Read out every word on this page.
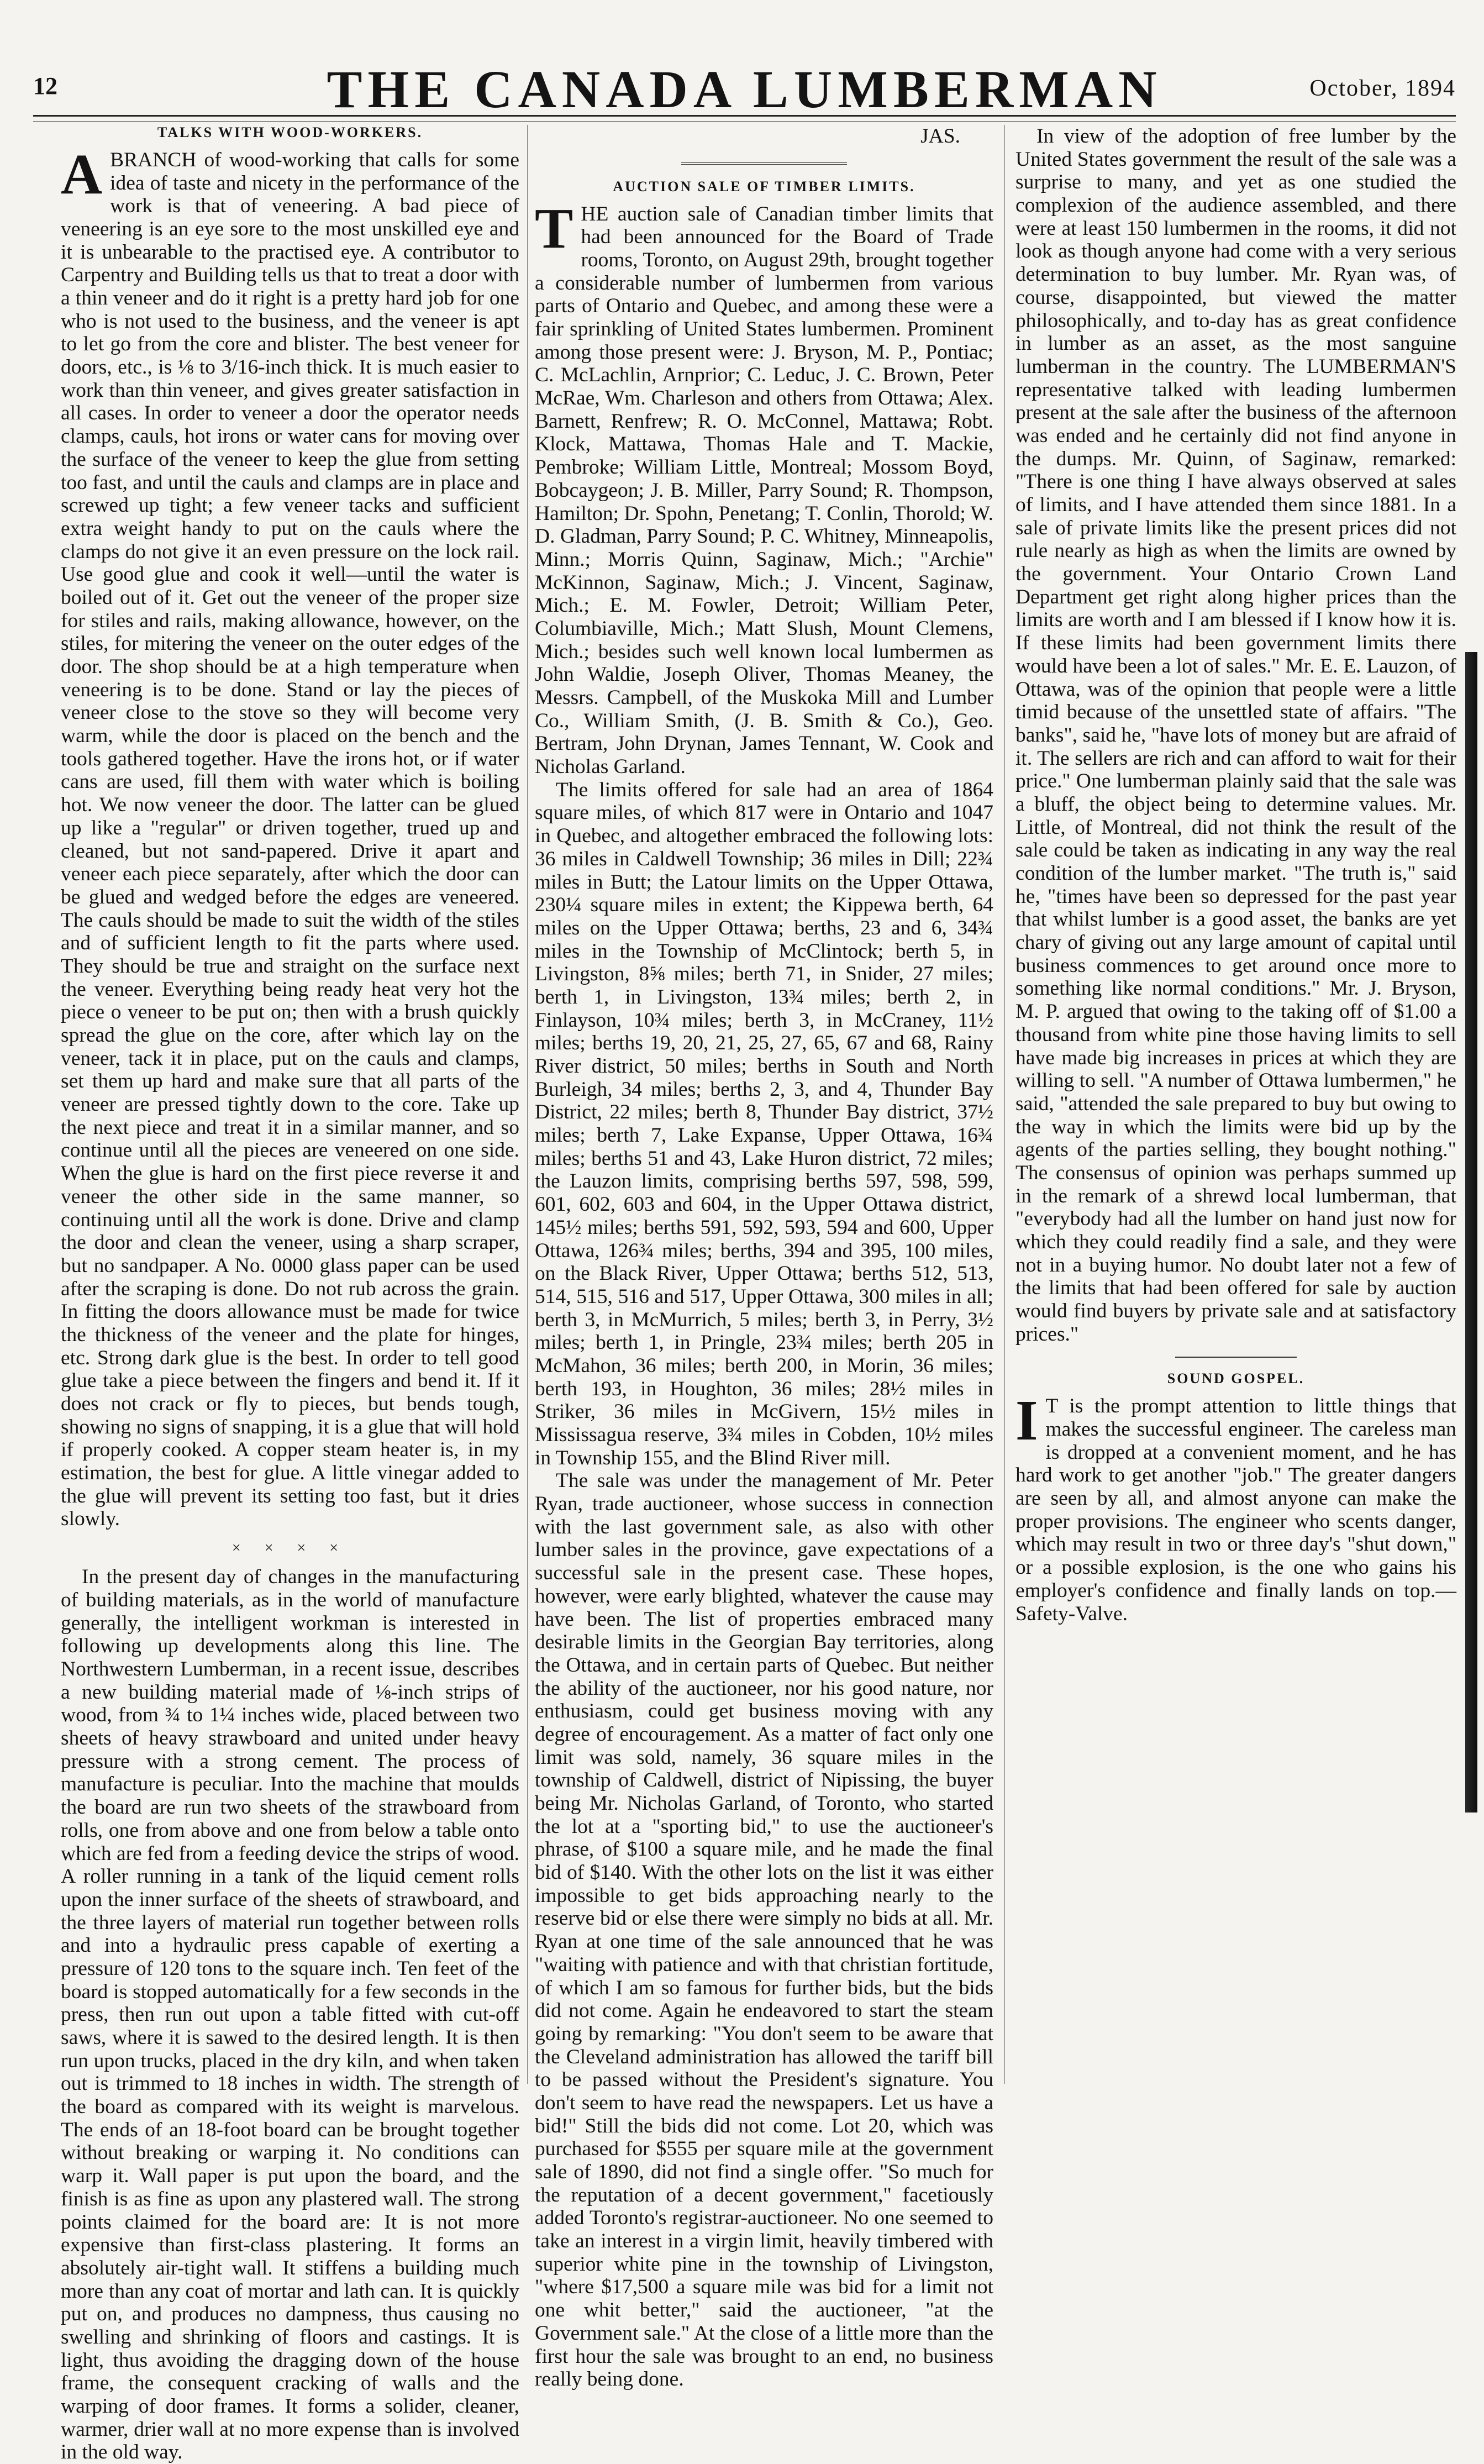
12	THE CANADA LUMBERMAN	October, 1894
TALKS WITH WOOD-WORKERS.

ABRANCH of wood-working that calls for some idea of taste and nicety in the performance of the work is that of veneering. A bad piece of veneering is an eye sore to the most unskilled eye and it is unbearable to the practised eye. A contributor to Carpentry and Building tells us that to treat a door with a thin veneer and do it right is a pretty hard job for one who is not used to the business, and the veneer is apt to let go from the core and blister. The best veneer for doors, etc., is ⅛ to 3/16-inch thick. It is much easier to work than thin veneer, and gives greater satisfaction in all cases. In order to veneer a door the operator needs clamps, cauls, hot irons or water cans for moving over the surface of the veneer to keep the glue from setting too fast, and until the cauls and clamps are in place and screwed up tight; a few veneer tacks and sufficient extra weight handy to put on the cauls where the clamps do not give it an even pressure on the lock rail. Use good glue and cook it well—until the water is boiled out of it. Get out the veneer of the proper size for stiles and rails, making allowance, however, on the stiles, for mitering the veneer on the outer edges of the door. The shop should be at a high temperature when veneering is to be done. Stand or lay the pieces of veneer close to the stove so they will become very warm, while the door is placed on the bench and the tools gathered together. Have the irons hot, or if water cans are used, fill them with water which is boiling hot. We now veneer the door. The latter can be glued up like a "regular" or driven together, trued up and cleaned, but not sand-papered. Drive it apart and veneer each piece separately, after which the door can be glued and wedged before the edges are veneered. The cauls should be made to suit the width of the stiles and of sufficient length to fit the parts where used. They should be true and straight on the surface next the veneer. Everything being ready heat very hot the piece o veneer to be put on; then with a brush quickly spread the glue on the core, after which lay on the veneer, tack it in place, put on the cauls and clamps, set them up hard and make sure that all parts of the veneer are pressed tightly down to the core. Take up the next piece and treat it in a similar manner, and so continue until all the pieces are veneered on one side. When the glue is hard on the first piece reverse it and veneer the other side in the same manner, so continuing until all the work is done. Drive and clamp the door and clean the veneer, using a sharp scraper, but no sandpaper. A No. 0000 glass paper can be used after the scraping is done. Do not rub across the grain. In fitting the doors allowance must be made for twice the thickness of the veneer and the plate for hinges, etc. Strong dark glue is the best. In order to tell good glue take a piece between the fingers and bend it. If it does not crack or fly to pieces, but bends tough, showing no signs of snapping, it is a glue that will hold if properly cooked. A copper steam heater is, in my estimation, the best for glue. A little vinegar added to the glue will prevent its setting too fast, but it dries slowly.

× × × ×

In the present day of changes in the manufacturing of building materials, as in the world of manufacture generally, the intelligent workman is interested in following up developments along this line. The Northwestern Lumberman, in a recent issue, describes a new building material made of ⅛-inch strips of wood, from ¾ to 1¼ inches wide, placed between two sheets of heavy strawboard and united under heavy pressure with a strong cement. The process of manufacture is peculiar. Into the machine that moulds the board are run two sheets of the strawboard from rolls, one from above and one from below a table onto which are fed from a feeding device the strips of wood. A roller running in a tank of the liquid cement rolls upon the inner surface of the sheets of strawboard, and the three layers of material run together between rolls and into a hydraulic press capable of exerting a pressure of 120 tons to the square inch. Ten feet of the board is stopped automatically for a few seconds in the press, then run out upon a table fitted with cut-off saws, where it is sawed to the desired length. It is then run upon trucks, placed in the dry kiln, and when taken out is trimmed to 18 inches in width. The strength of the board as compared with its weight is marvelous. The ends of an 18-foot board can be brought together without breaking or warping it. No conditions can warp it. Wall paper is put upon the board, and the finish is as fine as upon any plastered wall. The strong points claimed for the board are: It is not more expensive than first-class plastering. It forms an absolutely air-tight wall. It stiffens a building much more than any coat of mortar and lath can. It is quickly put on, and produces no dampness, thus causing no swelling and shrinking of floors and castings. It is light, thus avoiding the dragging down of the house frame, the consequent cracking of walls and the warping of door frames. It forms a solider, cleaner, warmer, drier wall at no more expense than is involved in the old way.

JAS.

AUCTION SALE OF TIMBER LIMITS.

THE auction sale of Canadian timber limits that had been announced for the Board of Trade rooms, Toronto, on August 29th, brought together a considerable number of lumbermen from various parts of Ontario and Quebec, and among these were a fair sprinkling of United States lumbermen. Prominent among those present were: J. Bryson, M. P., Pontiac; C. McLachlin, Arnprior; C. Leduc, J. C. Brown, Peter McRae, Wm. Charleson and others from Ottawa; Alex. Barnett, Renfrew; R. O. McConnel, Mattawa; Robt. Klock, Mattawa, Thomas Hale and T. Mackie, Pembroke; William Little, Montreal; Mossom Boyd, Bobcaygeon; J. B. Miller, Parry Sound; R. Thompson, Hamilton; Dr. Spohn, Penetang; T. Conlin, Thorold; W. D. Gladman, Parry Sound; P. C. Whitney, Minneapolis, Minn.; Morris Quinn, Saginaw, Mich.; "Archie" McKinnon, Saginaw, Mich.; J. Vincent, Saginaw, Mich.; E. M. Fowler, Detroit; William Peter, Columbiaville, Mich.; Matt Slush, Mount Clemens, Mich.; besides such well known local lumbermen as John Waldie, Joseph Oliver, Thomas Meaney, the Messrs. Campbell, of the Muskoka Mill and Lumber Co., William Smith, (J. B. Smith & Co.), Geo. Bertram, John Drynan, James Tennant, W. Cook and Nicholas Garland.

The limits offered for sale had an area of 1864 square miles, of which 817 were in Ontario and 1047 in Quebec, and altogether embraced the following lots: 36 miles in Caldwell Township; 36 miles in Dill; 22¾ miles in Butt; the Latour limits on the Upper Ottawa, 230¼ square miles in extent; the Kippewa berth, 64 miles on the Upper Ottawa; berths, 23 and 6, 34¾ miles in the Township of McClintock; berth 5, in Livingston, 8⅝ miles; berth 71, in Snider, 27 miles; berth 1, in Livingston, 13¾ miles; berth 2, in Finlayson, 10¾ miles; berth 3, in McCraney, 11½ miles; berths 19, 20, 21, 25, 27, 65, 67 and 68, Rainy River district, 50 miles; berths in South and North Burleigh, 34 miles; berths 2, 3, and 4, Thunder Bay District, 22 miles; berth 8, Thunder Bay district, 37½ miles; berth 7, Lake Expanse, Upper Ottawa, 16¾ miles; berths 51 and 43, Lake Huron district, 72 miles; the Lauzon limits, comprising berths 597, 598, 599, 601, 602, 603 and 604, in the Upper Ottawa district, 145½ miles; berths 591, 592, 593, 594 and 600, Upper Ottawa, 126¾ miles; berths, 394 and 395, 100 miles, on the Black River, Upper Ottawa; berths 512, 513, 514, 515, 516 and 517, Upper Ottawa, 300 miles in all; berth 3, in McMurrich, 5 miles; berth 3, in Perry, 3½ miles; berth 1, in Pringle, 23¾ miles; berth 205 in McMahon, 36 miles; berth 200, in Morin, 36 miles; berth 193, in Houghton, 36 miles; 28½ miles in Striker, 36 miles in McGivern, 15½ miles in Mississagua reserve, 3¾ miles in Cobden, 10½ miles in Township 155, and the Blind River mill.

The sale was under the management of Mr. Peter Ryan, trade auctioneer, whose success in connection with the last government sale, as also with other lumber sales in the province, gave expectations of a successful sale in the present case. These hopes, however, were early blighted, whatever the cause may have been. The list of properties embraced many desirable limits in the Georgian Bay territories, along the Ottawa, and in certain parts of Quebec. But neither the ability of the auctioneer, nor his good nature, nor enthusiasm, could get business moving with any degree of encouragement. As a matter of fact only one limit was sold, namely, 36 square miles in the township of Caldwell, district of Nipissing, the buyer being Mr. Nicholas Garland, of Toronto, who started the lot at a "sporting bid," to use the auctioneer's phrase, of $100 a square mile, and he made the final bid of $140. With the other lots on the list it was either impossible to get bids approaching nearly to the reserve bid or else there were simply no bids at all. Mr. Ryan at one time of the sale announced that he was "waiting with patience and with that christian fortitude, of which I am so famous for further bids, but the bids did not come. Again he endeavored to start the steam going by remarking: "You don't seem to be aware that the Cleveland administration has allowed the tariff bill to be passed without the President's signature. You don't seem to have read the newspapers. Let us have a bid!" Still the bids did not come. Lot 20, which was purchased for $555 per square mile at the government sale of 1890, did not find a single offer. "So much for the reputation of a decent government," facetiously added Toronto's registrar-auctioneer. No one seemed to take an interest in a virgin limit, heavily timbered with superior white pine in the township of Livingston, "where $17,500 a square mile was bid for a limit not one whit better," said the auctioneer, "at the Government sale." At the close of a little more than the first hour the sale was brought to an end, no business really being done.

In view of the adoption of free lumber by the United States government the result of the sale was a surprise to many, and yet as one studied the complexion of the audience assembled, and there were at least 150 lumbermen in the rooms, it did not look as though anyone had come with a very serious determination to buy lumber. Mr. Ryan was, of course, disappointed, but viewed the matter philosophically, and to-day has as great confidence in lumber as an asset, as the most sanguine lumberman in the country. The LUMBERMAN'S representative talked with leading lumbermen present at the sale after the business of the afternoon was ended and he certainly did not find anyone in the dumps. Mr. Quinn, of Saginaw, remarked: "There is one thing I have always observed at sales of limits, and I have attended them since 1881. In a sale of private limits like the present prices did not rule nearly as high as when the limits are owned by the government. Your Ontario Crown Land Department get right along higher prices than the limits are worth and I am blessed if I know how it is. If these limits had been government limits there would have been a lot of sales." Mr. E. E. Lauzon, of Ottawa, was of the opinion that people were a little timid because of the unsettled state of affairs. "The banks", said he, "have lots of money but are afraid of it. The sellers are rich and can afford to wait for their price." One lumberman plainly said that the sale was a bluff, the object being to determine values. Mr. Little, of Montreal, did not think the result of the sale could be taken as indicating in any way the real condition of the lumber market. "The truth is," said he, "times have been so depressed for the past year that whilst lumber is a good asset, the banks are yet chary of giving out any large amount of capital until business commences to get around once more to something like normal conditions." Mr. J. Bryson, M. P. argued that owing to the taking off of $1.00 a thousand from white pine those having limits to sell have made big increases in prices at which they are willing to sell. "A number of Ottawa lumbermen," he said, "attended the sale prepared to buy but owing to the way in which the limits were bid up by the agents of the parties selling, they bought nothing." The consensus of opinion was perhaps summed up in the remark of a shrewd local lumberman, that "everybody had all the lumber on hand just now for which they could readily find a sale, and they were not in a buying humor. No doubt later not a few of the limits that had been offered for sale by auction would find buyers by private sale and at satisfactory prices."

SOUND GOSPEL.

I T is the prompt attention to little things that makes the successful engineer. The careless man is dropped at a convenient moment, and he has hard work to get another "job." The greater dangers are seen by all, and almost anyone can make the proper provisions. The engineer who scents danger, which may result in two or three day's "shut down," or a possible explosion, is the one who gains his employer's confidence and finally lands on top.—Safety-Valve.
